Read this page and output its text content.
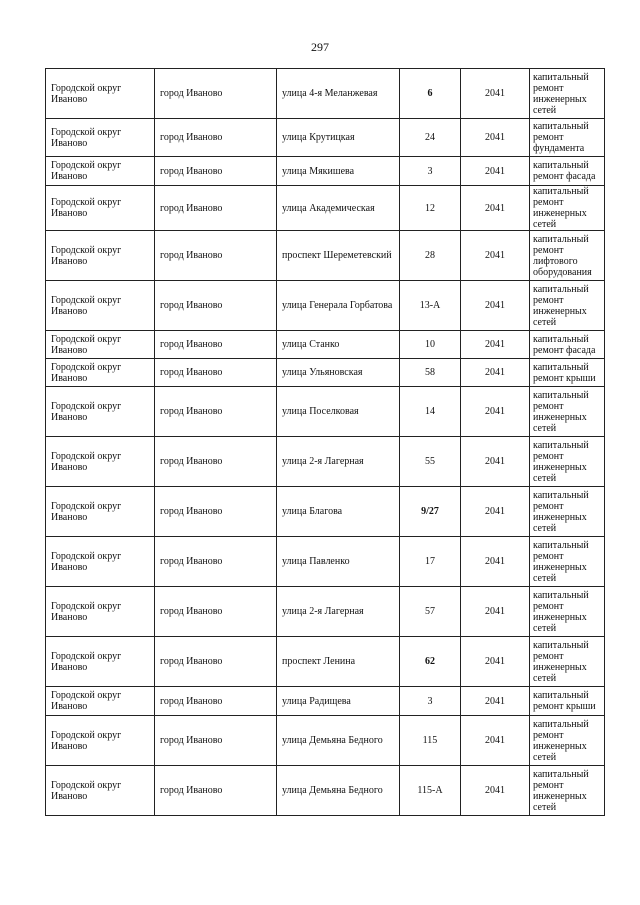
297
Городской округ Иваново	город Иваново	улица 4-я Меланжевая	6	2041	капитальный ремонт инженерных сетей
Городской округ Иваново	город Иваново	улица Крутицкая	24	2041	капитальный ремонт фундамента
Городской округ Иваново	город Иваново	улица Мякишева	3	2041	капитальный ремонт фасада
Городской округ Иваново	город Иваново	улица Академическая	12	2041	капитальный ремонт инженерных сетей
Городской округ Иваново	город Иваново	проспект Шереметевский	28	2041	капитальный ремонт лифтового оборудования
Городской округ Иваново	город Иваново	улица Генерала Горбатова	13-А	2041	капитальный ремонт инженерных сетей
Городской округ Иваново	город Иваново	улица Станко	10	2041	капитальный ремонт фасада
Городской округ Иваново	город Иваново	улица Ульяновская	58	2041	капитальный ремонт крыши
Городской округ Иваново	город Иваново	улица Поселковая	14	2041	капитальный ремонт инженерных сетей
Городской округ Иваново	город Иваново	улица 2-я Лагерная	55	2041	капитальный ремонт инженерных сетей
Городской округ Иваново	город Иваново	улица Благова	9/27	2041	капитальный ремонт инженерных сетей
Городской округ Иваново	город Иваново	улица Павленко	17	2041	капитальный ремонт инженерных сетей
Городской округ Иваново	город Иваново	улица 2-я Лагерная	57	2041	капитальный ремонт инженерных сетей
Городской округ Иваново	город Иваново	проспект Ленина	62	2041	капитальный ремонт инженерных сетей
Городской округ Иваново	город Иваново	улица Радищева	3	2041	капитальный ремонт крыши
Городской округ Иваново	город Иваново	улица Демьяна Бедного	115	2041	капитальный ремонт инженерных сетей
Городской округ Иваново	город Иваново	улица Демьяна Бедного	115-А	2041	капитальный ремонт инженерных сетей
